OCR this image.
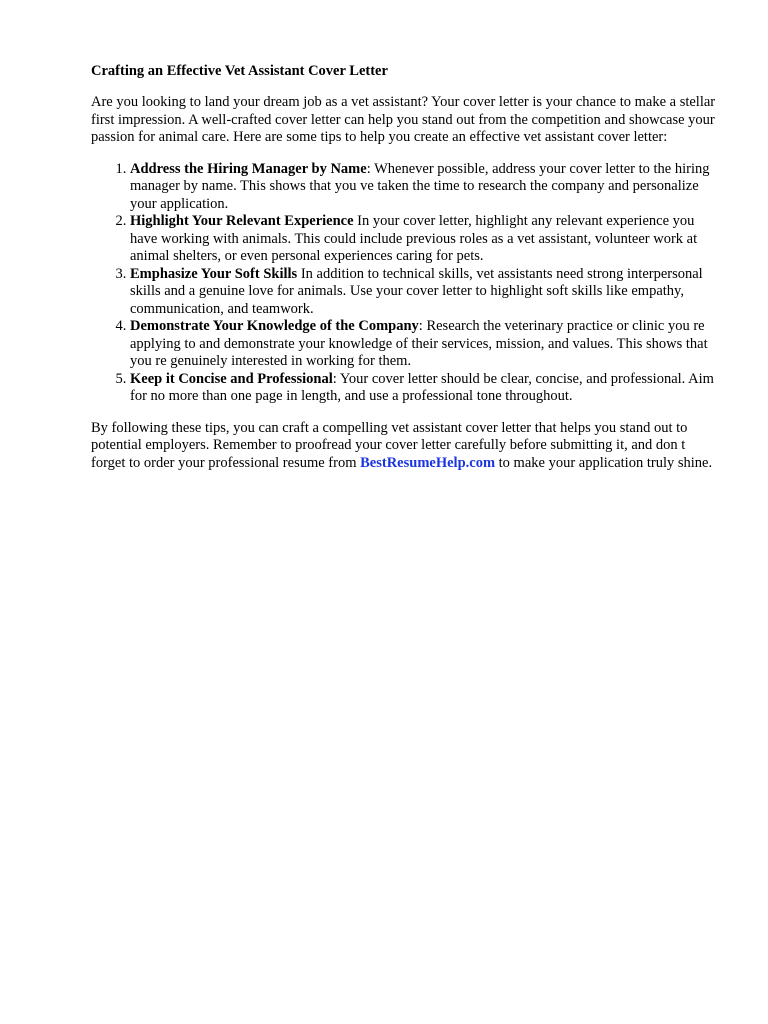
Crafting an Effective Vet Assistant Cover Letter

Are you looking to land your dream job as a vet assistant? Your cover letter is your chance to make a stellar first impression. A well-crafted cover letter can help you stand out from the competition and showcase your passion for animal care. Here are some tips to help you create an effective vet assistant cover letter:

1. Address the Hiring Manager by Name: Whenever possible, address your cover letter to the hiring manager by name. This shows that you ve taken the time to research the company and personalize your application.
2. Highlight Your Relevant Experience In your cover letter, highlight any relevant experience you have working with animals. This could include previous roles as a vet assistant, volunteer work at animal shelters, or even personal experiences caring for pets.
3. Emphasize Your Soft Skills In addition to technical skills, vet assistants need strong interpersonal skills and a genuine love for animals. Use your cover letter to highlight soft skills like empathy, communication, and teamwork.
4. Demonstrate Your Knowledge of the Company: Research the veterinary practice or clinic you re applying to and demonstrate your knowledge of their services, mission, and values. This shows that you re genuinely interested in working for them.
5. Keep it Concise and Professional: Your cover letter should be clear, concise, and professional. Aim for no more than one page in length, and use a professional tone throughout.

By following these tips, you can craft a compelling vet assistant cover letter that helps you stand out to potential employers. Remember to proofread your cover letter carefully before submitting it, and don t forget to order your professional resume from BestResumeHelp.com to make your application truly shine.
